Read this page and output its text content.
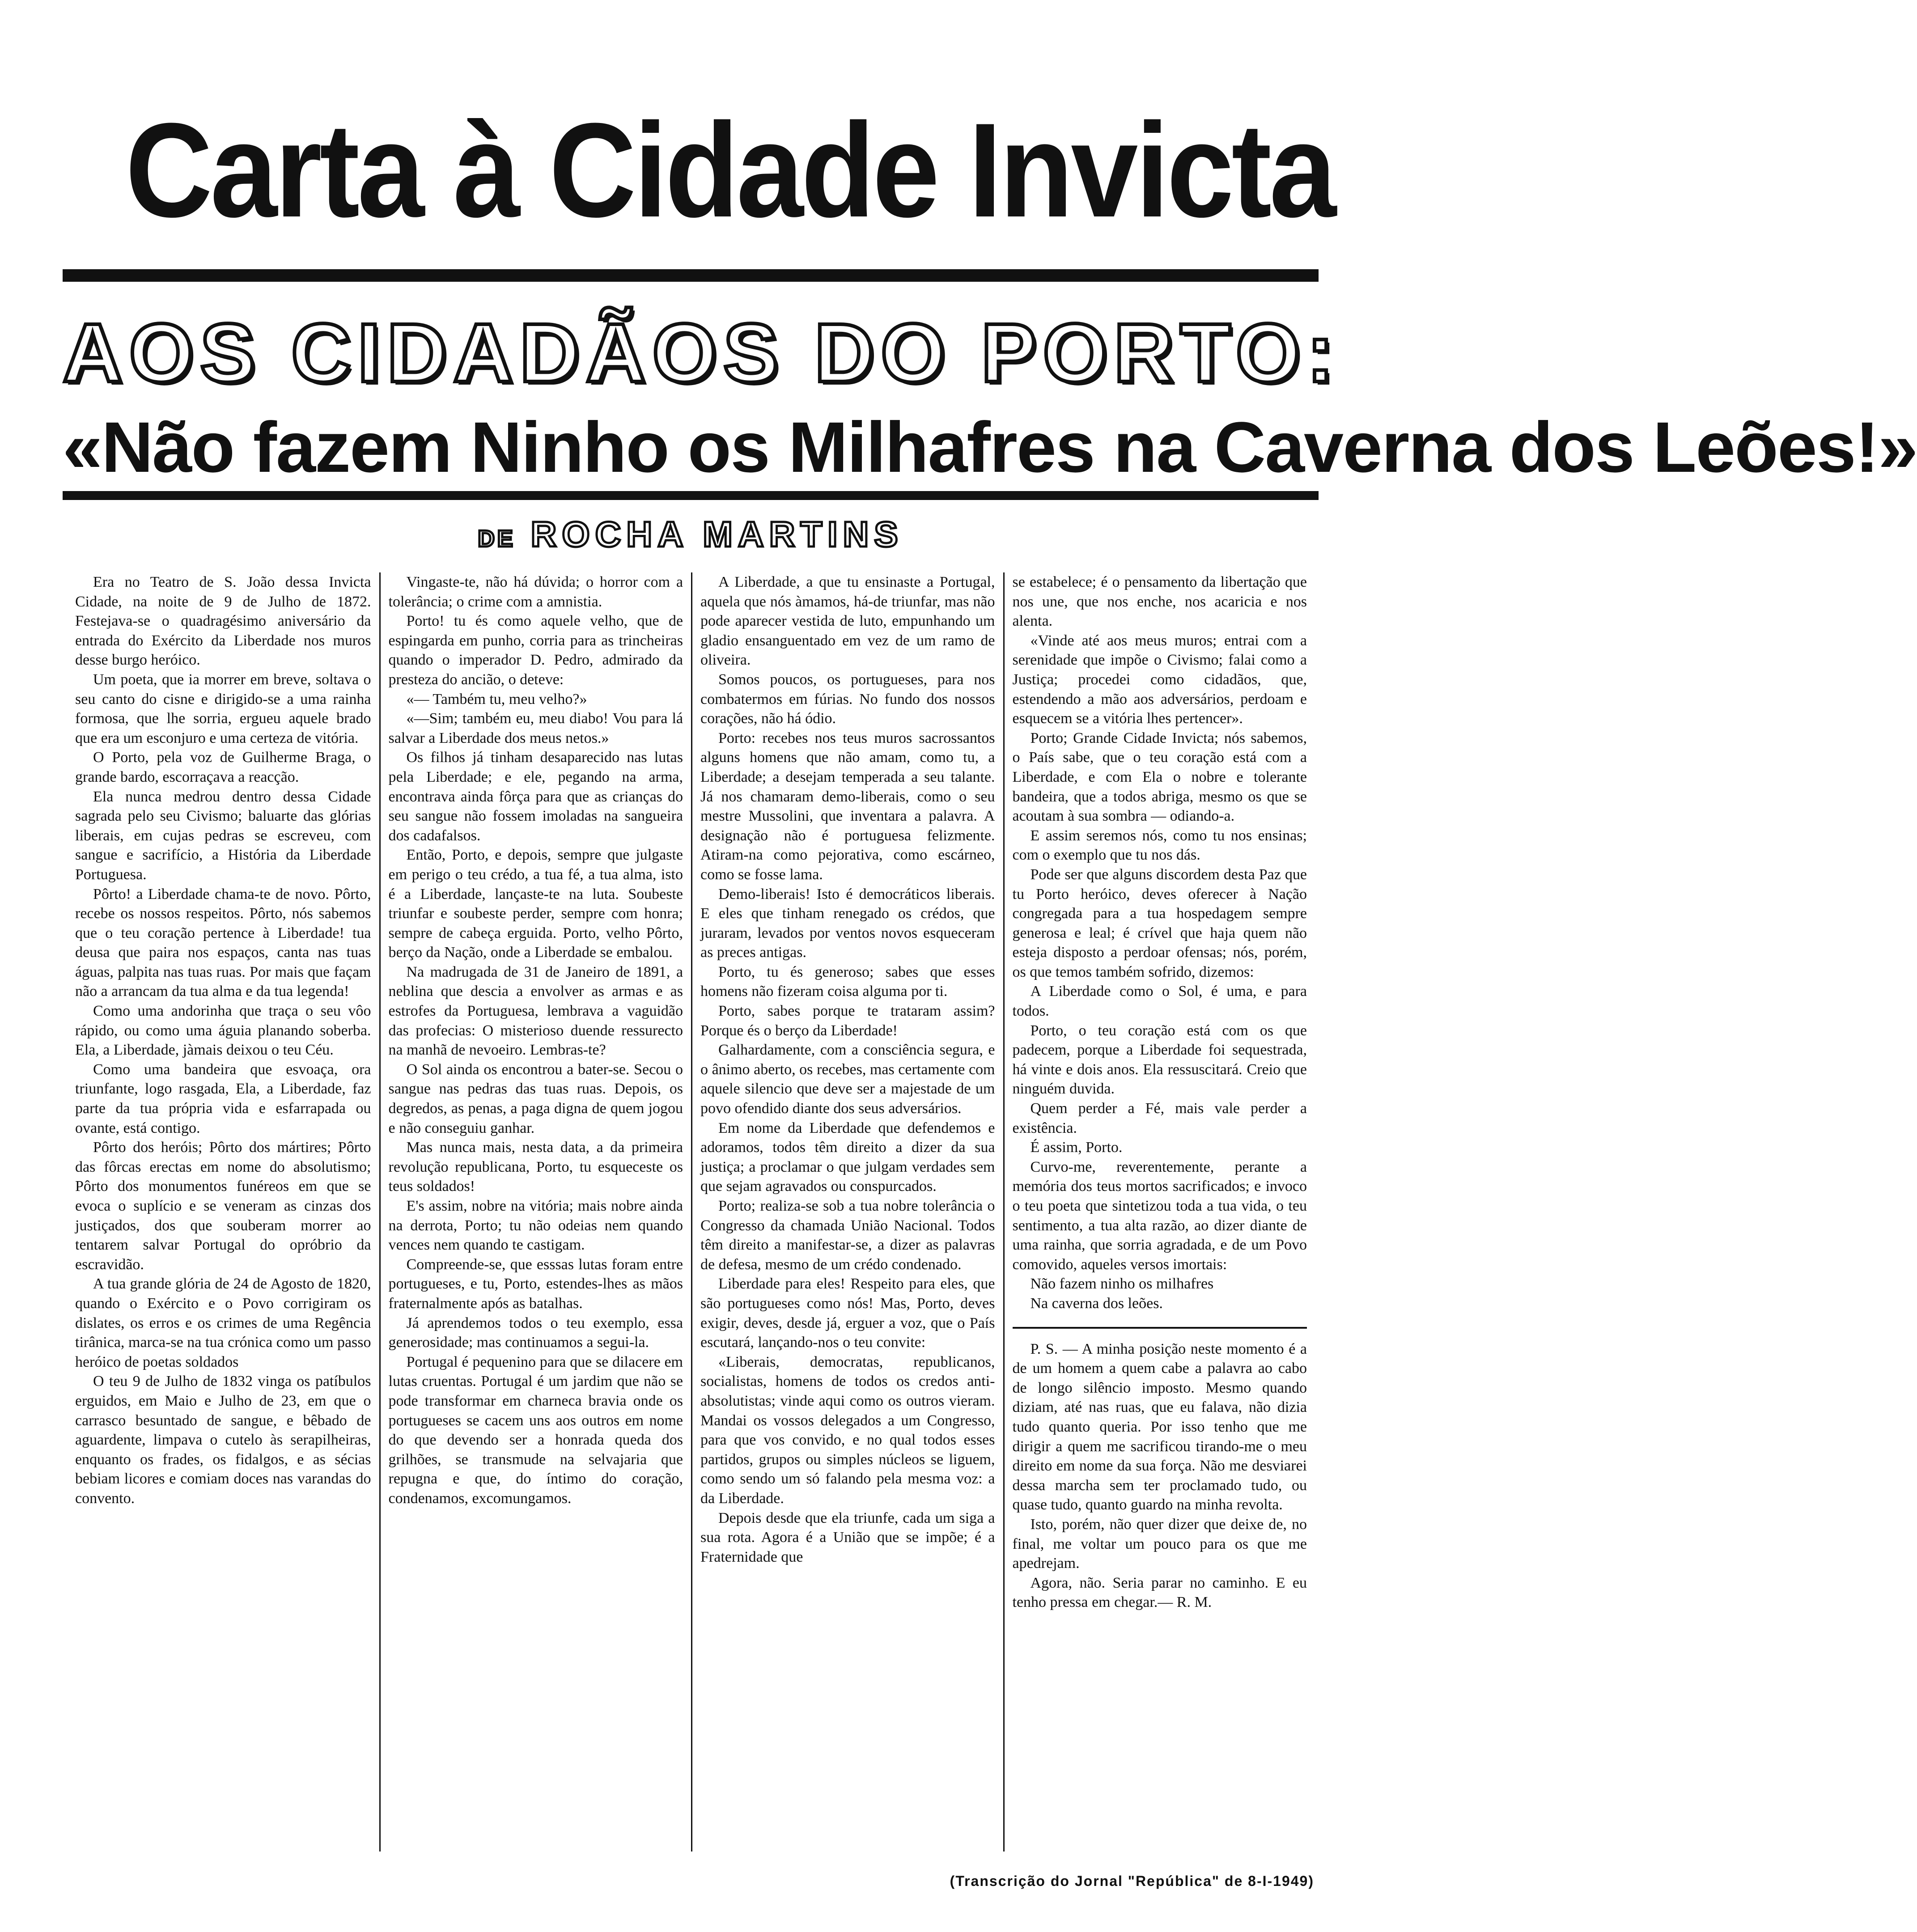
Carta à Cidade Invicta
AOS CIDADÃOS DO PORTO:
«Não fazem Ninho os Milhafres na Caverna dos Leões!»
DE ROCHA MARTINS

Era no Teatro de S. João dessa Invicta Cidade, na noite de 9 de Julho de 1872. Festejava-se o quadragésimo aniversário da entrada do Exército da Liberdade nos muros desse burgo heróico.

Um poeta, que ia morrer em breve, soltava o seu canto do cisne e dirigido-se a uma rainha formosa, que lhe sorria, ergueu aquele brado que era um esconjuro e uma certeza de vitória.

O Porto, pela voz de Guilherme Braga, o grande bardo, escorraçava a reacção.

Ela nunca medrou dentro dessa Cidade sagrada pelo seu Civismo; baluarte das glórias liberais, em cujas pedras se escreveu, com sangue e sacrifício, a História da Liberdade Portuguesa.

Pôrto! a Liberdade chama-te de novo. Pôrto, recebe os nossos respeitos. Pôrto, nós sabemos que o teu coração pertence à Liberdade! tua deusa que paira nos espaços, canta nas tuas águas, palpita nas tuas ruas. Por mais que façam não a arrancam da tua alma e da tua legenda!

Como uma andorinha que traça o seu vôo rápido, ou como uma águia planando soberba. Ela, a Liberdade, jàmais deixou o teu Céu.

Como uma bandeira que esvoaça, ora triunfante, logo rasgada, Ela, a Liberdade, faz parte da tua própria vida e esfarrapada ou ovante, está contigo.

Pôrto dos heróis; Pôrto dos mártires; Pôrto das fôrcas erectas em nome do absolutismo; Pôrto dos monumentos funéreos em que se evoca o suplício e se veneram as cinzas dos justiçados, dos que souberam morrer ao tentarem salvar Portugal do opróbrio da escravidão.

A tua grande glória de 24 de Agosto de 1820, quando o Exército e o Povo corrigiram os dislates, os erros e os crimes de uma Regência tirânica, marca-se na tua crónica como um passo heróico de poetas soldados

O teu 9 de Julho de 1832 vinga os patíbulos erguidos, em Maio e Julho de 23, em que o carrasco besuntado de sangue, e bêbado de aguardente, limpava o cutelo às serapilheiras, enquanto os frades, os fidalgos, e as sécias bebiam licores e comiam doces nas varandas do convento.

Vingaste-te, não há dúvida; o horror com a tolerância; o crime com a amnistia.

Porto! tu és como aquele velho, que de espingarda em punho, corria para as trincheiras quando o imperador D. Pedro, admirado da presteza do ancião, o deteve:

«— Também tu, meu velho?»

«—Sim; também eu, meu diabo! Vou para lá salvar a Liberdade dos meus netos.»

Os filhos já tinham desaparecido nas lutas pela Liberdade; e ele, pegando na arma, encontrava ainda fôrça para que as crianças do seu sangue não fossem imoladas na sangueira dos cadafalsos.

Então, Porto, e depois, sempre que julgaste em perigo o teu crédo, a tua fé, a tua alma, isto é a Liberdade, lançaste-te na luta. Soubeste triunfar e soubeste perder, sempre com honra; sempre de cabeça erguida. Porto, velho Pôrto, berço da Nação, onde a Liberdade se embalou.

Na madrugada de 31 de Janeiro de 1891, a neblina que descia a envolver as armas e as estrofes da Portuguesa, lembrava a vaguidão das profecias: O misterioso duende ressurecto na manhã de nevoeiro. Lembras-te?

O Sol ainda os encontrou a bater-se. Secou o sangue nas pedras das tuas ruas. Depois, os degredos, as penas, a paga digna de quem jogou e não conseguiu ganhar.

Mas nunca mais, nesta data, a da primeira revolução republicana, Porto, tu esqueceste os teus soldados!

E's assim, nobre na vitória; mais nobre ainda na derrota, Porto; tu não odeias nem quando vences nem quando te castigam.

Compreende-se, que esssas lutas foram entre portugueses, e tu, Porto, estendes-lhes as mãos fraternalmente após as batalhas.

Já aprendemos todos o teu exemplo, essa generosidade; mas continuamos a segui-la.

Portugal é pequenino para que se dilacere em lutas cruentas. Portugal é um jardim que não se pode transformar em charneca bravia onde os portugueses se cacem uns aos outros em nome do que devendo ser a honrada queda dos grilhões, se transmude na selvajaria que repugna e que, do íntimo do coração, condenamos, excomungamos.

A Liberdade, a que tu ensinaste a Portugal, aquela que nós àmamos, há-de triunfar, mas não pode aparecer vestida de luto, empunhando um gladio ensanguentado em vez de um ramo de oliveira.

Somos poucos, os portugueses, para nos combatermos em fúrias. No fundo dos nossos corações, não há ódio.

Porto: recebes nos teus muros sacrossantos alguns homens que não amam, como tu, a Liberdade; a desejam temperada a seu talante. Já nos chamaram demo-liberais, como o seu mestre Mussolini, que inventara a palavra. A designação não é portuguesa felizmente. Atiram-na como pejorativa, como escárneo, como se fosse lama.

Demo-liberais! Isto é democráticos liberais. E eles que tinham renegado os crédos, que juraram, levados por ventos novos esqueceram as preces antigas.

Porto, tu és generoso; sabes que esses homens não fizeram coisa alguma por ti.

Porto, sabes porque te trataram assim? Porque és o berço da Liberdade!

Galhardamente, com a consciência segura, e o ânimo aberto, os recebes, mas certamente com aquele silencio que deve ser a majestade de um povo ofendido diante dos seus adversários.

Em nome da Liberdade que defendemos e adoramos, todos têm direito a dizer da sua justiça; a proclamar o que julgam verdades sem que sejam agravados ou conspurcados.

Porto; realiza-se sob a tua nobre tolerância o Congresso da chamada União Nacional. Todos têm direito a manifestar-se, a dizer as palavras de defesa, mesmo de um crédo condenado.

Liberdade para eles! Respeito para eles, que são portugueses como nós! Mas, Porto, deves exigir, deves, desde já, erguer a voz, que o País escutará, lançando-nos o teu convite:

«Liberais, democratas, republicanos, socialistas, homens de todos os credos anti-absolutistas; vinde aqui como os outros vieram. Mandai os vossos delegados a um Congresso, para que vos convido, e no qual todos esses partidos, grupos ou simples núcleos se liguem, como sendo um só falando pela mesma voz: a da Liberdade.

Depois desde que ela triunfe, cada um siga a sua rota. Agora é a União que se impõe; é a Fraternidade que

se estabelece; é o pensamento da libertação que nos une, que nos enche, nos acaricia e nos alenta.

«Vinde até aos meus muros; entrai com a serenidade que impõe o Civismo; falai como a Justiça; procedei como cidadãos, que, estendendo a mão aos adversários, perdoam e esquecem se a vitória lhes pertencer».

Porto; Grande Cidade Invicta; nós sabemos, o País sabe, que o teu coração está com a Liberdade, e com Ela o nobre e tolerante bandeira, que a todos abriga, mesmo os que se acoutam à sua sombra — odiando-a.

E assim seremos nós, como tu nos ensinas; com o exemplo que tu nos dás.

Pode ser que alguns discordem desta Paz que tu Porto heróico, deves oferecer à Nação congregada para a tua hospedagem sempre generosa e leal; é crível que haja quem não esteja disposto a perdoar ofensas; nós, porém, os que temos também sofrido, dizemos:

A Liberdade como o Sol, é uma, e para todos.

Porto, o teu coração está com os que padecem, porque a Liberdade foi sequestrada, há vinte e dois anos. Ela ressuscitará. Creio que ninguém duvida.

Quem perder a Fé, mais vale perder a existência.

É assim, Porto.

Curvo-me, reverentemente, perante a memória dos teus mortos sacrificados; e invoco o teu poeta que sintetizou toda a tua vida, o teu sentimento, a tua alta razão, ao dizer diante de uma rainha, que sorria agradada, e de um Povo comovido, aqueles versos imortais:

Não fazem ninho os milhafres

Na caverna dos leões.

P. S. — A minha posição neste momento é a de um homem a quem cabe a palavra ao cabo de longo silêncio imposto. Mesmo quando diziam, até nas ruas, que eu falava, não dizia tudo quanto queria. Por isso tenho que me dirigir a quem me sacrificou tirando-me o meu direito em nome da sua força. Não me desviarei dessa marcha sem ter proclamado tudo, ou quase tudo, quanto guardo na minha revolta.

Isto, porém, não quer dizer que deixe de, no final, me voltar um pouco para os que me apedrejam.

Agora, não. Seria parar no caminho. E eu tenho pressa em chegar.— R. M.

(Transcrição do Jornal "República" de 8-I-1949)
